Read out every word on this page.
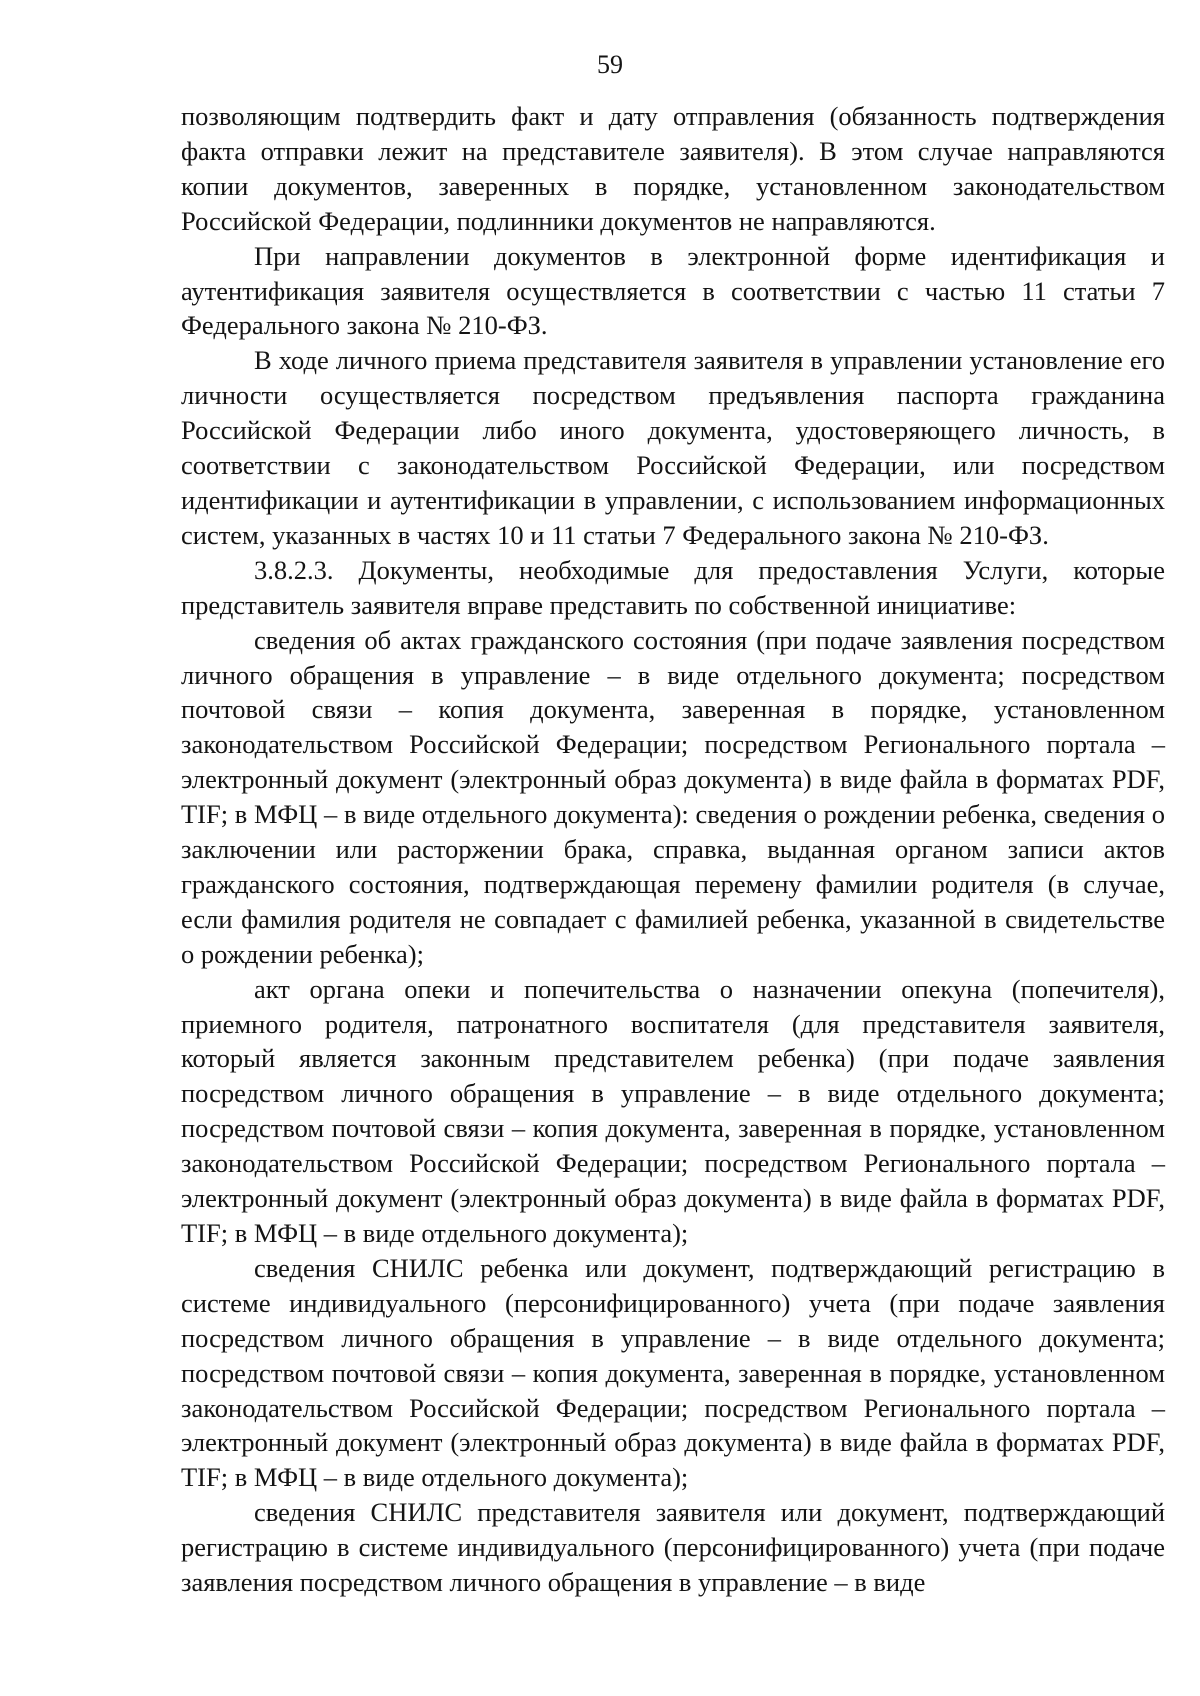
59

позволяющим подтвердить факт и дату отправления (обязанность подтверждения факта отправки лежит на представителе заявителя). В этом случае направляются копии документов, заверенных в порядке, установленном законодательством Российской Федерации, подлинники документов не направляются.

При направлении документов в электронной форме идентификация и аутентификация заявителя осуществляется в соответствии с частью 11 статьи 7 Федерального закона № 210-ФЗ.

В ходе личного приема представителя заявителя в управлении установление его личности осуществляется посредством предъявления паспорта гражданина Российской Федерации либо иного документа, удостоверяющего личность, в соответствии с законодательством Российской Федерации, или посредством идентификации и аутентификации в управлении, с использованием информационных систем, указанных в частях 10 и 11 статьи 7 Федерального закона № 210-ФЗ.

3.8.2.3. Документы, необходимые для предоставления Услуги, которые представитель заявителя вправе представить по собственной инициативе:

сведения об актах гражданского состояния (при подаче заявления посредством личного обращения в управление – в виде отдельного документа; посредством почтовой связи – копия документа, заверенная в порядке, установленном законодательством Российской Федерации; посредством Регионального портала – электронный документ (электронный образ документа) в виде файла в форматах PDF, TIF; в МФЦ – в виде отдельного документа): сведения о рождении ребенка, сведения о заключении или расторжении брака, справка, выданная органом записи актов гражданского состояния, подтверждающая перемену фамилии родителя (в случае, если фамилия родителя не совпадает с фамилией ребенка, указанной в свидетельстве о рождении ребенка);

акт органа опеки и попечительства о назначении опекуна (попечителя), приемного родителя, патронатного воспитателя (для представителя заявителя, который является законным представителем ребенка) (при подаче заявления посредством личного обращения в управление – в виде отдельного документа; посредством почтовой связи – копия документа, заверенная в порядке, установленном законодательством Российской Федерации; посредством Регионального портала – электронный документ (электронный образ документа) в виде файла в форматах PDF, TIF; в МФЦ – в виде отдельного документа);

сведения СНИЛС ребенка или документ, подтверждающий регистрацию в системе индивидуального (персонифицированного) учета (при подаче заявления посредством личного обращения в управление – в виде отдельного документа; посредством почтовой связи – копия документа, заверенная в порядке, установленном законодательством Российской Федерации; посредством Регионального портала – электронный документ (электронный образ документа) в виде файла в форматах PDF, TIF; в МФЦ – в виде отдельного документа);

сведения СНИЛС представителя заявителя или документ, подтверждающий регистрацию в системе индивидуального (персонифицированного) учета (при подаче заявления посредством личного обращения в управление – в виде
